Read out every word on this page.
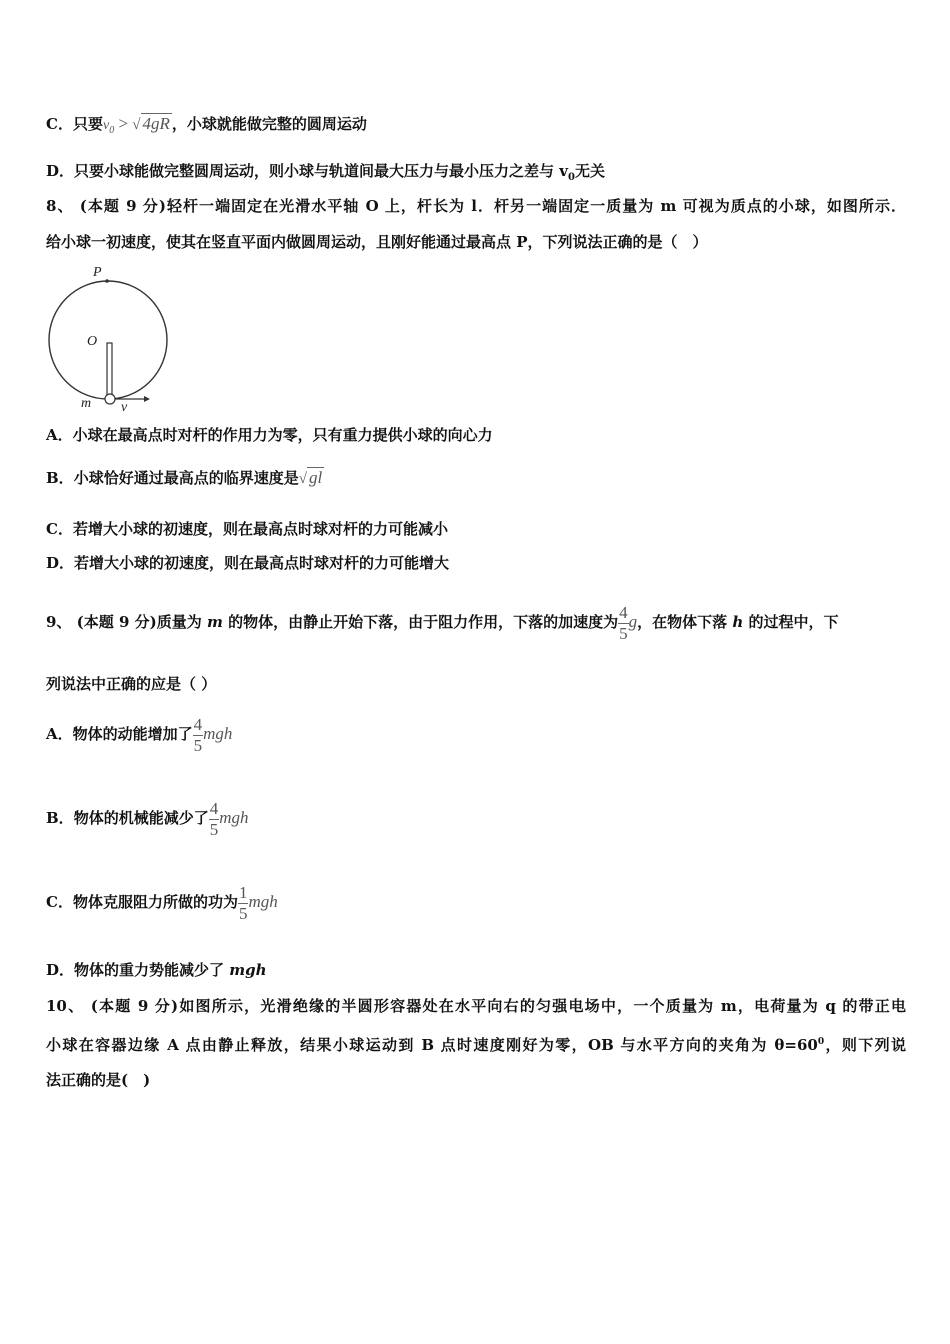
C．只要$v_0$ > √ 4gR ，小球就能做完整的圆周运动
D．只要小球能做完整圆周运动，则小球与轨道间最大压力与最小压力之差与 $v_0$无关
8、 (本题 9 分)轻杆一端固定在光滑水平轴 O 上，杆长为 l．杆另一端固定一质量为 m 可视为质点的小球，如图所示．
给小球一初速度，使其在竖直平面内做圆周运动，且刚好能通过最高点 P，下列说法正确的是（　）
P
O
m v
A．小球在最高点时对杆的作用力为零，只有重力提供小球的向心力
B．小球恰好通过最高点的临界速度是√ gl
C．若增大小球的初速度，则在最高点时球对杆的力可能减小
D．若增大小球的初速度，则在最高点时球对杆的力可能增大
9、 (本题 9 分)质量为 m 的物体，由静止开始下落，由于阻力作用，下落的加速度为 $\frac{4}{5}$ g，在物体下落 h 的过程中，下
列说法中正确的应是（ ）
A．物体的动能增加了 $\frac{4}{5}$ mgh
B．物体的机械能减少了 $\frac{4}{5}$ mgh
C．物体克服阻力所做的功为 $\frac{1}{5}$ mgh
D．物体的重力势能减少了 mgh
10、 (本题 9 分)如图所示，光滑绝缘的半圆形容器处在水平向右的匀强电场中，一个质量为 m，电荷量为 q 的带正电
小球在容器边缘 A 点由静止释放，结果小球运动到 B 点时速度刚好为零，OB 与水平方向的夹角为 $\theta=60^0$，则下列说
法正确的是(　)
